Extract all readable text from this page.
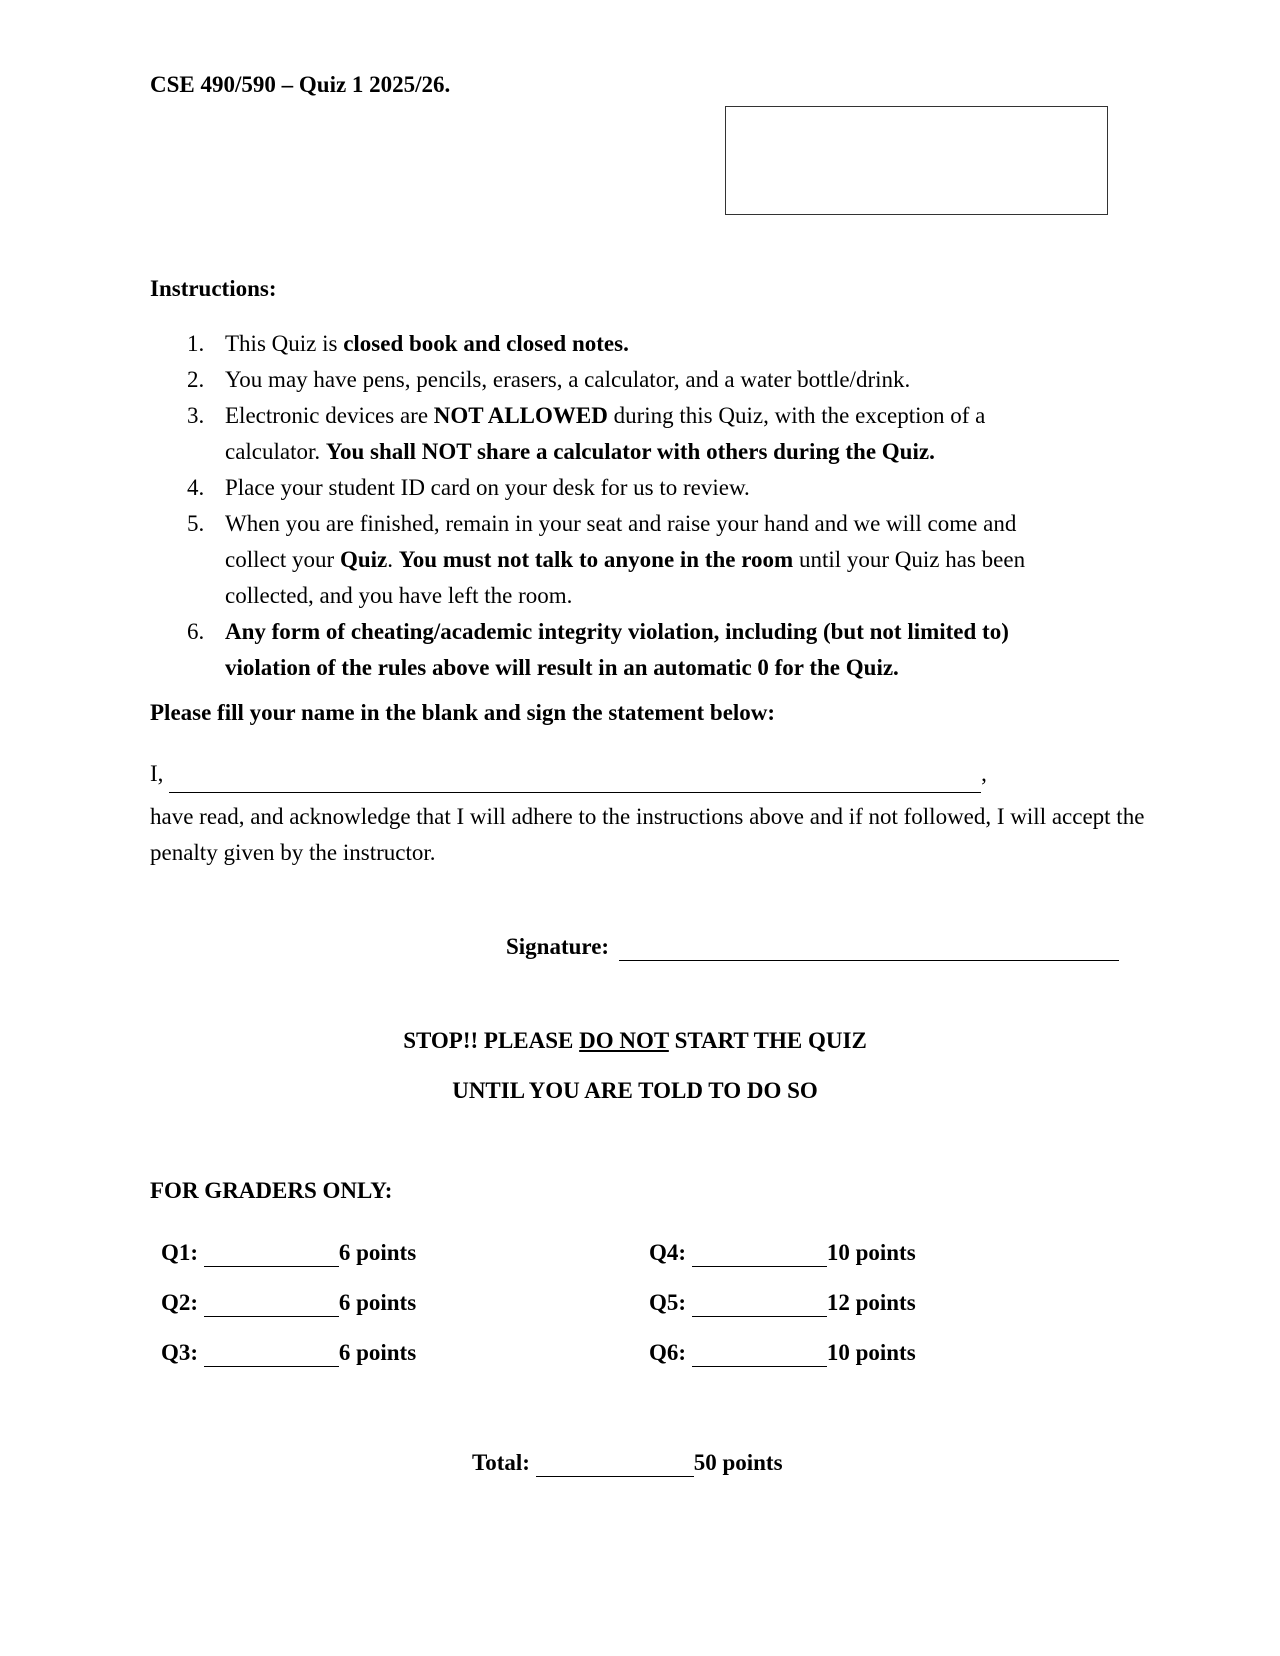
CSE 490/590 – Quiz 1 2025/26.
Instructions:
1. This Quiz is closed book and closed notes.
2. You may have pens, pencils, erasers, a calculator, and a water bottle/drink.
3. Electronic devices are NOT ALLOWED during this Quiz, with the exception of a
calculator. You shall NOT share a calculator with others during the Quiz.
4. Place your student ID card on your desk for us to review.
5. When you are finished, remain in your seat and raise your hand and we will come and
collect your Quiz. You must not talk to anyone in the room until your Quiz has been
collected, and you have left the room.
6. Any form of cheating/academic integrity violation, including (but not limited to)
violation of the rules above will result in an automatic 0 for the Quiz.
Please fill your name in the blank and sign the statement below:
I,	,
have read, and acknowledge that I will adhere to the instructions above and if not followed, I will accept the penalty given by the instructor.
Signature:
STOP!! PLEASE DO NOT START THE QUIZ
UNTIL YOU ARE TOLD TO DO SO
FOR GRADERS ONLY:
Q1:	6 points
Q2:	6 points
Q3:	6 points
Q4:	10 points
Q5:	12 points
Q6:	10 points
Total:	50 points
